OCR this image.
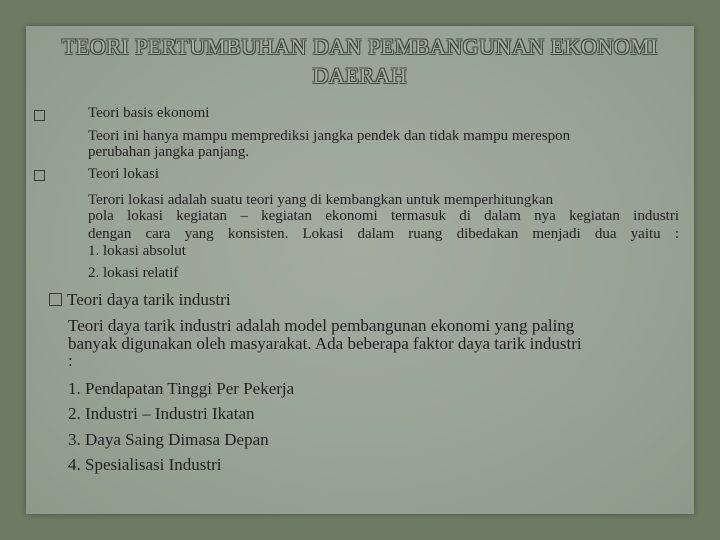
TEORI PERTUMBUHAN DAN PEMBANGUNAN EKONOMI
DAERAH
Teori basis ekonomi
Teori ini hanya mampu memprediksi jangka pendek dan tidak mampu merespon
perubahan jangka panjang.
Teori lokasi
Terori lokasi adalah suatu teori yang di kembangkan untuk memperhitungkan
pola lokasi kegiatan – kegiatan ekonomi termasuk di dalam nya kegiatan industri
dengan cara yang konsisten. Lokasi dalam ruang dibedakan menjadi dua yaitu :
1. lokasi absolut
2. lokasi relatif
Teori daya tarik industri
Teori daya tarik industri adalah model pembangunan ekonomi yang paling
banyak digunakan oleh masyarakat. Ada beberapa faktor daya tarik industri
:
1. Pendapatan Tinggi Per Pekerja
2. Industri – Industri Ikatan
3. Daya Saing Dimasa Depan
4. Spesialisasi Industri
